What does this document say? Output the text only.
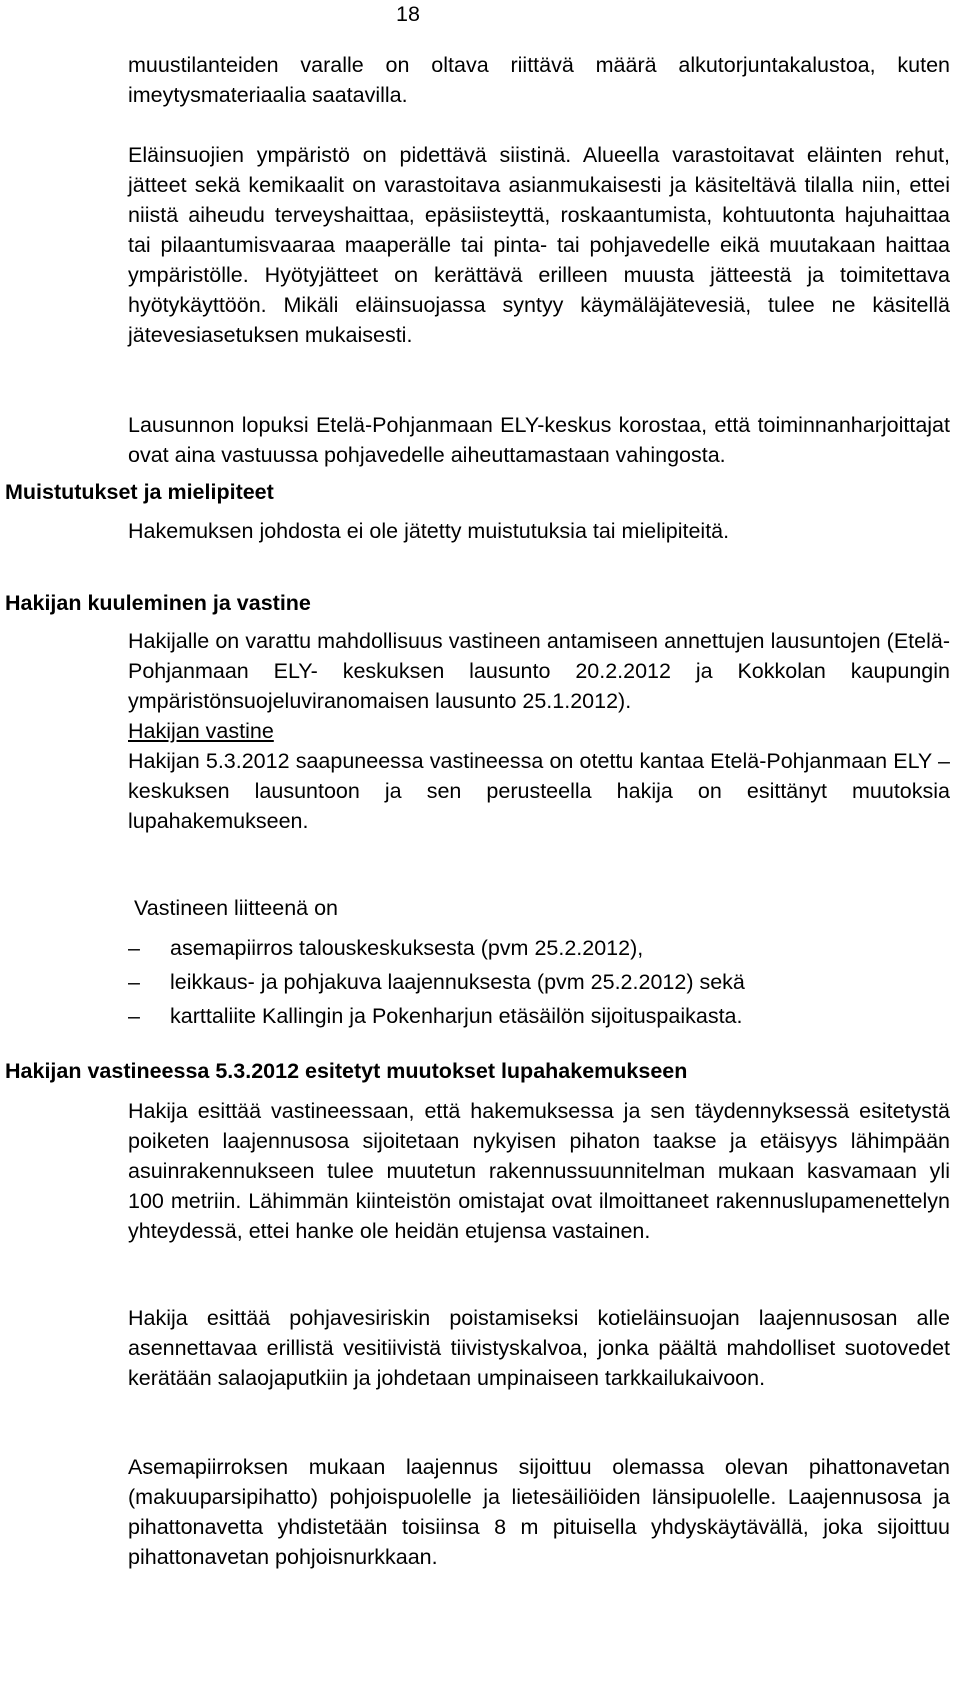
18

muustilanteiden varalle on oltava riittävä määrä alkutorjuntakalustoa, kuten imeytysmateriaalia saatavilla.

Eläinsuojien ympäristö on pidettävä siistinä. Alueella varastoitavat eläinten rehut, jätteet sekä kemikaalit on varastoitava asianmukaisesti ja käsiteltävä tilalla niin, ettei niistä aiheudu terveyshaittaa, epäsiisteyttä, roskaantumista, kohtuutonta hajuhaittaa tai pilaantumisvaaraa maaperälle tai pinta- tai pohjavedelle eikä muutakaan haittaa ympäristölle. Hyötyjätteet on kerättävä erilleen muusta jätteestä ja toimitettava hyötykäyttöön. Mikäli eläinsuojassa syntyy käymäläjätevesiä, tulee ne käsitellä jätevesiasetuksen mukaisesti.

Lausunnon lopuksi Etelä-Pohjanmaan ELY-keskus korostaa, että toiminnanharjoittajat ovat aina vastuussa pohjavedelle aiheuttamastaan vahingosta.

Muistutukset ja mielipiteet

Hakemuksen johdosta ei ole jätetty muistutuksia tai mielipiteitä.

Hakijan kuuleminen ja vastine

Hakijalle on varattu mahdollisuus vastineen antamiseen annettujen lausuntojen (Etelä-Pohjanmaan ELY- keskuksen lausunto 20.2.2012 ja Kokkolan kaupungin ympäristönsuojeluviranomaisen lausunto 25.1.2012).

Hakijan vastine

Hakijan 5.3.2012 saapuneessa vastineessa on otettu kantaa Etelä-Pohjanmaan ELY – keskuksen lausuntoon ja sen perusteella hakija on esittänyt muutoksia lupahakemukseen.

Vastineen liitteenä on

–	asemapiirros talouskeskuksesta (pvm 25.2.2012),
–	leikkaus- ja pohjakuva laajennuksesta (pvm 25.2.2012) sekä
–	karttaliite Kallingin ja Pokenharjun etäsäilön sijoituspaikasta.
Hakijan vastineessa 5.3.2012 esitetyt muutokset lupahakemukseen

Hakija esittää vastineessaan, että hakemuksessa ja sen täydennyksessä esitetystä poiketen laajennusosa sijoitetaan nykyisen pihaton taakse ja etäisyys lähimpään asuinrakennukseen tulee muutetun rakennussuunnitelman mukaan kasvamaan yli 100 metriin. Lähimmän kiinteistön omistajat ovat ilmoittaneet rakennuslupamenettelyn yhteydessä, ettei hanke ole heidän etujensa vastainen.

Hakija esittää pohjavesiriskin poistamiseksi kotieläinsuojan laajennusosan alle asennettavaa erillistä vesitiivistä tiivistyskalvoa, jonka päältä mahdolliset suotovedet kerätään salaojaputkiin ja johdetaan umpinaiseen tarkkailukaivoon.

Asemapiirroksen mukaan laajennus sijoittuu olemassa olevan pihattonavetan (makuuparsipihatto) pohjoispuolelle ja lietesäiliöiden länsipuolelle. Laajennusosa ja pihattonavetta yhdistetään toisiinsa 8 m pituisella yhdyskäytävällä, joka sijoittuu pihattonavetan pohjoisnurkkaan.
